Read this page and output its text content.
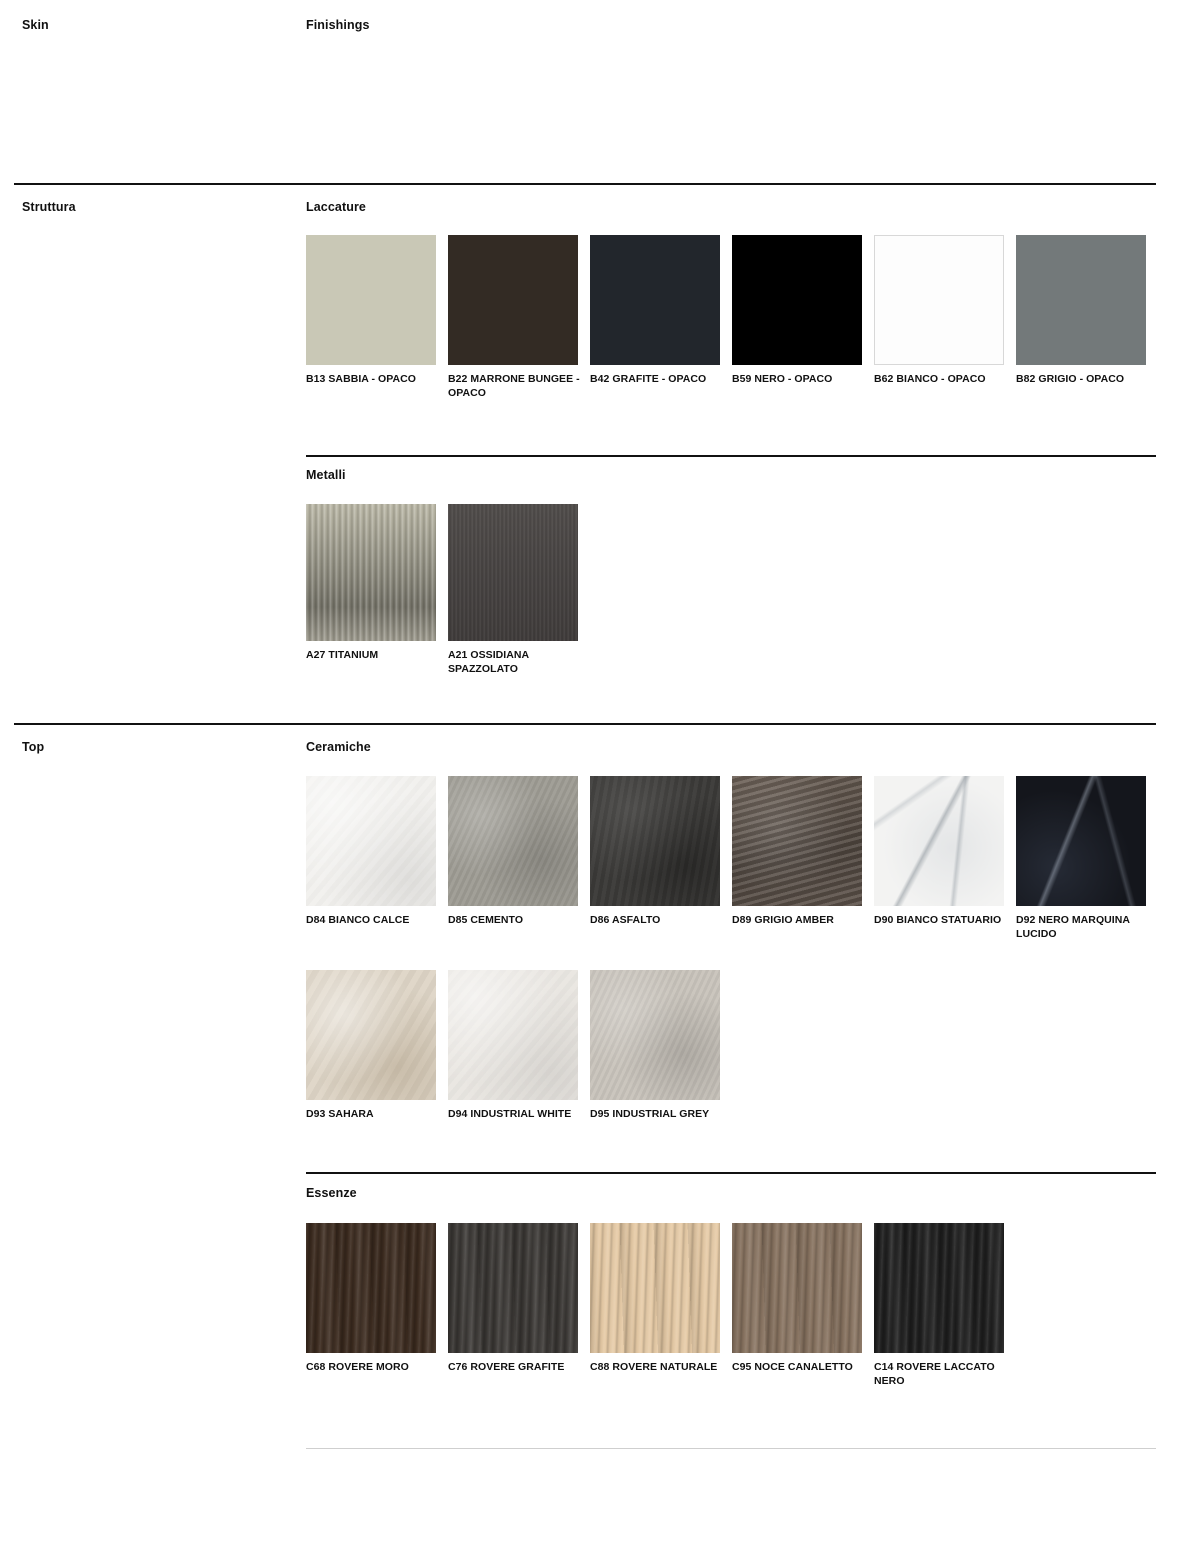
Skin	Finishings
Struttura	Laccature
B13 SABBIA - OPACO	B22 MARRONE BUNGEE - OPACO
B42 GRAFITE - OPACO	B59 NERO - OPACO	B62 BIANCO - OPACO	B82 GRIGIO - OPACO
Metalli
A27 TITANIUM	A21 OSSIDIANA SPAZZOLATO
Top	Ceramiche
D84 BIANCO CALCE	D85 CEMENTO	D86 ASFALTO	D89 GRIGIO AMBER	D90 BIANCO STATUARIO	D92 NERO MARQUINA LUCIDO
D93 SAHARA	D94 INDUSTRIAL WHITE	D95 INDUSTRIAL GREY
Essenze
C68 ROVERE MORO	C76 ROVERE GRAFITE	C88 ROVERE NATURALE	C95 NOCE CANALETTO	C14 ROVERE LACCATO NERO
